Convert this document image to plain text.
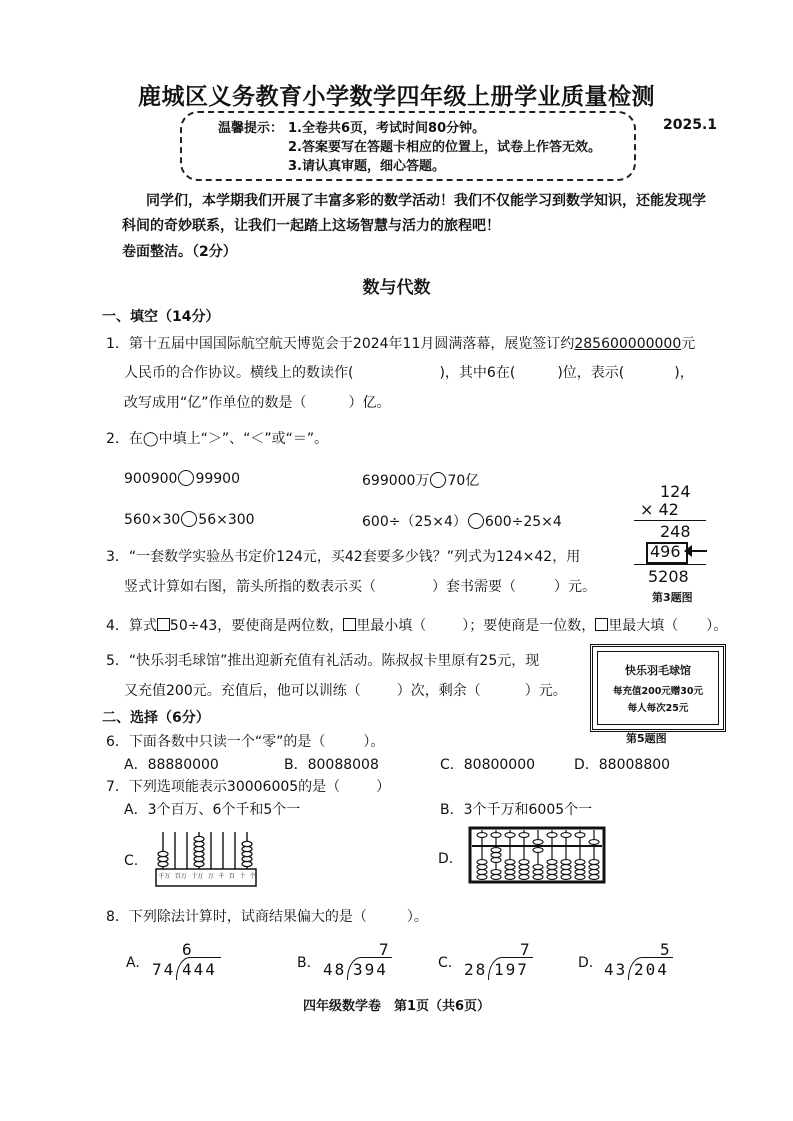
鹿城区义务教育小学数学四年级上册学业质量检测
温馨提示： 1.全卷共6页，考试时间80分钟。
2.答案要写在答题卡相应的位置上，试卷上作答无效。
3.请认真审题，细心答题。
2025.1
同学们，本学期我们开展了丰富多彩的数学活动！我们不仅能学习到数学知识，还能发现学
科间的奇妙联系，让我们一起踏上这场智慧与活力的旅程吧！
卷面整洁。（2分）
数与代数
一、填空（14分）
1．第十五届中国国际航空航天博览会于2024年11月圆满落幕，展览签订约285600000000元
人民币的合作协议。横线上的数读作(	)，其中6在(	)位，表示(	)，
改写成用“亿”作单位的数是（	）亿。
2．在◯中填上“＞”、“＜”或“＝”。
900900 99900	699000万 70亿
560×30 56×300	600÷（25×4） 600÷25×4
124
× 42
248
496
5208
第3题图
3．“一套数学实验丛书定价124元，买42套要多少钱？”列式为124×42，用
竖式计算如右图，箭头所指的数表示买（	）套书需要（	）元。
4．算式 50÷43，要使商是两位数， 里最小填（	）；要使商是一位数， 里最大填（ ）。
5．“快乐羽毛球馆”推出迎新充值有礼活动。陈叔叔卡里原有25元，现
又充值200元。充值后，他可以训练（	）次，剩余（	）元。
快乐羽毛球馆
每充值200元赠30元
每人每次25元
第5题图
二、选择（6分）
6．下面各数中只读一个“零”的是（	）。
A．88880000	B．80088008	C．80800000	D．88008800
7．下列选项能表示30006005的是（	）
A．3个百万、6个千和5个一	B．3个千万和6005个一
C.	D.
千万 百万 十万 万 千 百 十 个
8．下列除法计算时，试商结果偏大的是（	）。
A.
6
74 444	B.
7
48 394	C.
7
28 197	D.
5
43 204
四年级数学卷　第1页（共6页）
